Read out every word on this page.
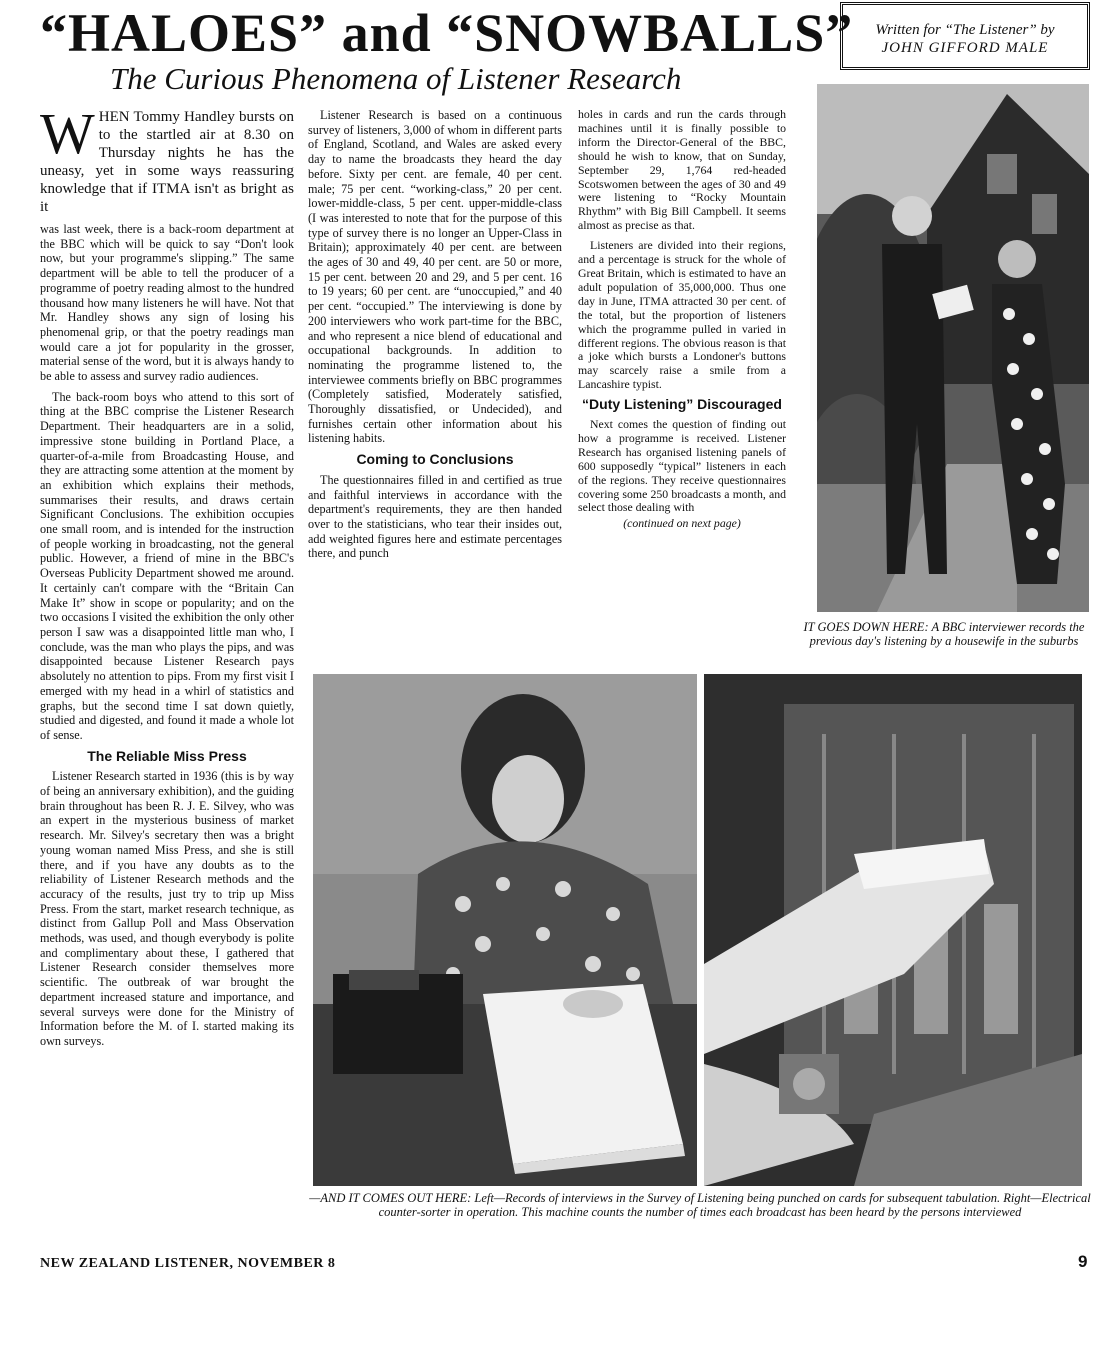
“HALOES” and “SNOWBALLS”
The Curious Phenomena of Listener Research
Written for “The Listener” by
JOHN GIFFORD MALE

WHEN Tommy Handley bursts on to the startled air at 8.30 on Thursday nights he has the uneasy, yet in some ways reassuring knowledge that if ITMA isn't as bright as it

was last week, there is a back-room department at the BBC which will be quick to say “Don't look now, but your programme's slipping.” The same department will be able to tell the producer of a programme of poetry reading almost to the hundred thousand how many listeners he will have. Not that Mr. Handley shows any sign of losing his phenomenal grip, or that the poetry readings man would care a jot for popularity in the grosser, material sense of the word, but it is always handy to be able to assess and survey radio audiences.

The back-room boys who attend to this sort of thing at the BBC comprise the Listener Research Department. Their headquarters are in a solid, impressive stone building in Portland Place, a quarter-of-a-mile from Broadcasting House, and they are attracting some attention at the moment by an exhibition which explains their methods, summarises their results, and draws certain Significant Conclusions. The exhibition occupies one small room, and is intended for the instruction of people working in broadcasting, not the general public. However, a friend of mine in the BBC's Overseas Publicity Department showed me around. It certainly can't compare with the “Britain Can Make It” show in scope or popularity; and on the two occasions I visited the exhibition the only other person I saw was a disappointed little man who, I conclude, was the man who plays the pips, and was disappointed because Listener Research pays absolutely no attention to pips. From my first visit I emerged with my head in a whirl of statistics and graphs, but the second time I sat down quietly, studied and digested, and found it made a whole lot of sense.

The Reliable Miss Press

Listener Research started in 1936 (this is by way of being an anniversary exhibition), and the guiding brain throughout has been R. J. E. Silvey, who was an expert in the mysterious business of market research. Mr. Silvey's secretary then was a bright young woman named Miss Press, and she is still there, and if you have any doubts as to the reliability of Listener Research methods and the accuracy of the results, just try to trip up Miss Press. From the start, market research technique, as distinct from Gallup Poll and Mass Observation methods, was used, and though everybody is polite and complimentary about these, I gathered that Listener Research consider themselves more scientific. The outbreak of war brought the department increased stature and importance, and several surveys were done for the Ministry of Information before the M. of I. started making its own surveys.

Listener Research is based on a continuous survey of listeners, 3,000 of whom in different parts of England, Scotland, and Wales are asked every day to name the broadcasts they heard the day before. Sixty per cent. are female, 40 per cent. male; 75 per cent. “working-class,” 20 per cent. lower-middle-class, 5 per cent. upper-middle-class (I was interested to note that for the purpose of this type of survey there is no longer an Upper-Class in Britain); approximately 40 per cent. are between the ages of 30 and 49, 40 per cent. are 50 or more, 15 per cent. between 20 and 29, and 5 per cent. 16 to 19 years; 60 per cent. are “unoccupied,” and 40 per cent. “occupied.” The interviewing is done by 200 interviewers who work part-time for the BBC, and who represent a nice blend of educational and occupational backgrounds. In addition to nominating the programme listened to, the interviewee comments briefly on BBC programmes (Completely satisfied, Moderately satisfied, Thoroughly dissatisfied, or Undecided), and furnishes certain other information about his listening habits.

Coming to Conclusions

The questionnaires filled in and certified as true and faithful interviews in accordance with the department's requirements, they are then handed over to the statisticians, who tear their insides out, add weighted figures here and estimate percentages there, and punch

holes in cards and run the cards through machines until it is finally possible to inform the Director-General of the BBC, should he wish to know, that on Sunday, September 29, 1,764 red-headed Scotswomen between the ages of 30 and 49 were listening to “Rocky Mountain Rhythm” with Big Bill Campbell. It seems almost as precise as that.

Listeners are divided into their regions, and a percentage is struck for the whole of Great Britain, which is estimated to have an adult population of 35,000,000. Thus one day in June, ITMA attracted 30 per cent. of the total, but the proportion of listeners which the programme pulled in varied in different regions. The obvious reason is that a joke which bursts a Londoner's buttons may scarcely raise a smile from a Lancashire typist.

“Duty Listening” Discouraged

Next comes the question of finding out how a programme is received. Listener Research has organised listening panels of 600 supposedly “typical” listeners in each of the regions. They receive questionnaires covering some 250 broadcasts a month, and select those dealing with

(continued on next page)

IT GOES DOWN HERE: A BBC interviewer records the previous day's listening by a housewife in the suburbs
—AND IT COMES OUT HERE: Left—Records of interviews in the Survey of Listening being punched on cards for subsequent tabulation. Right—Electrical counter-sorter in operation. This machine counts the number of times each broadcast has been heard by the persons interviewed
NEW ZEALAND LISTENER, NOVEMBER 8	9
